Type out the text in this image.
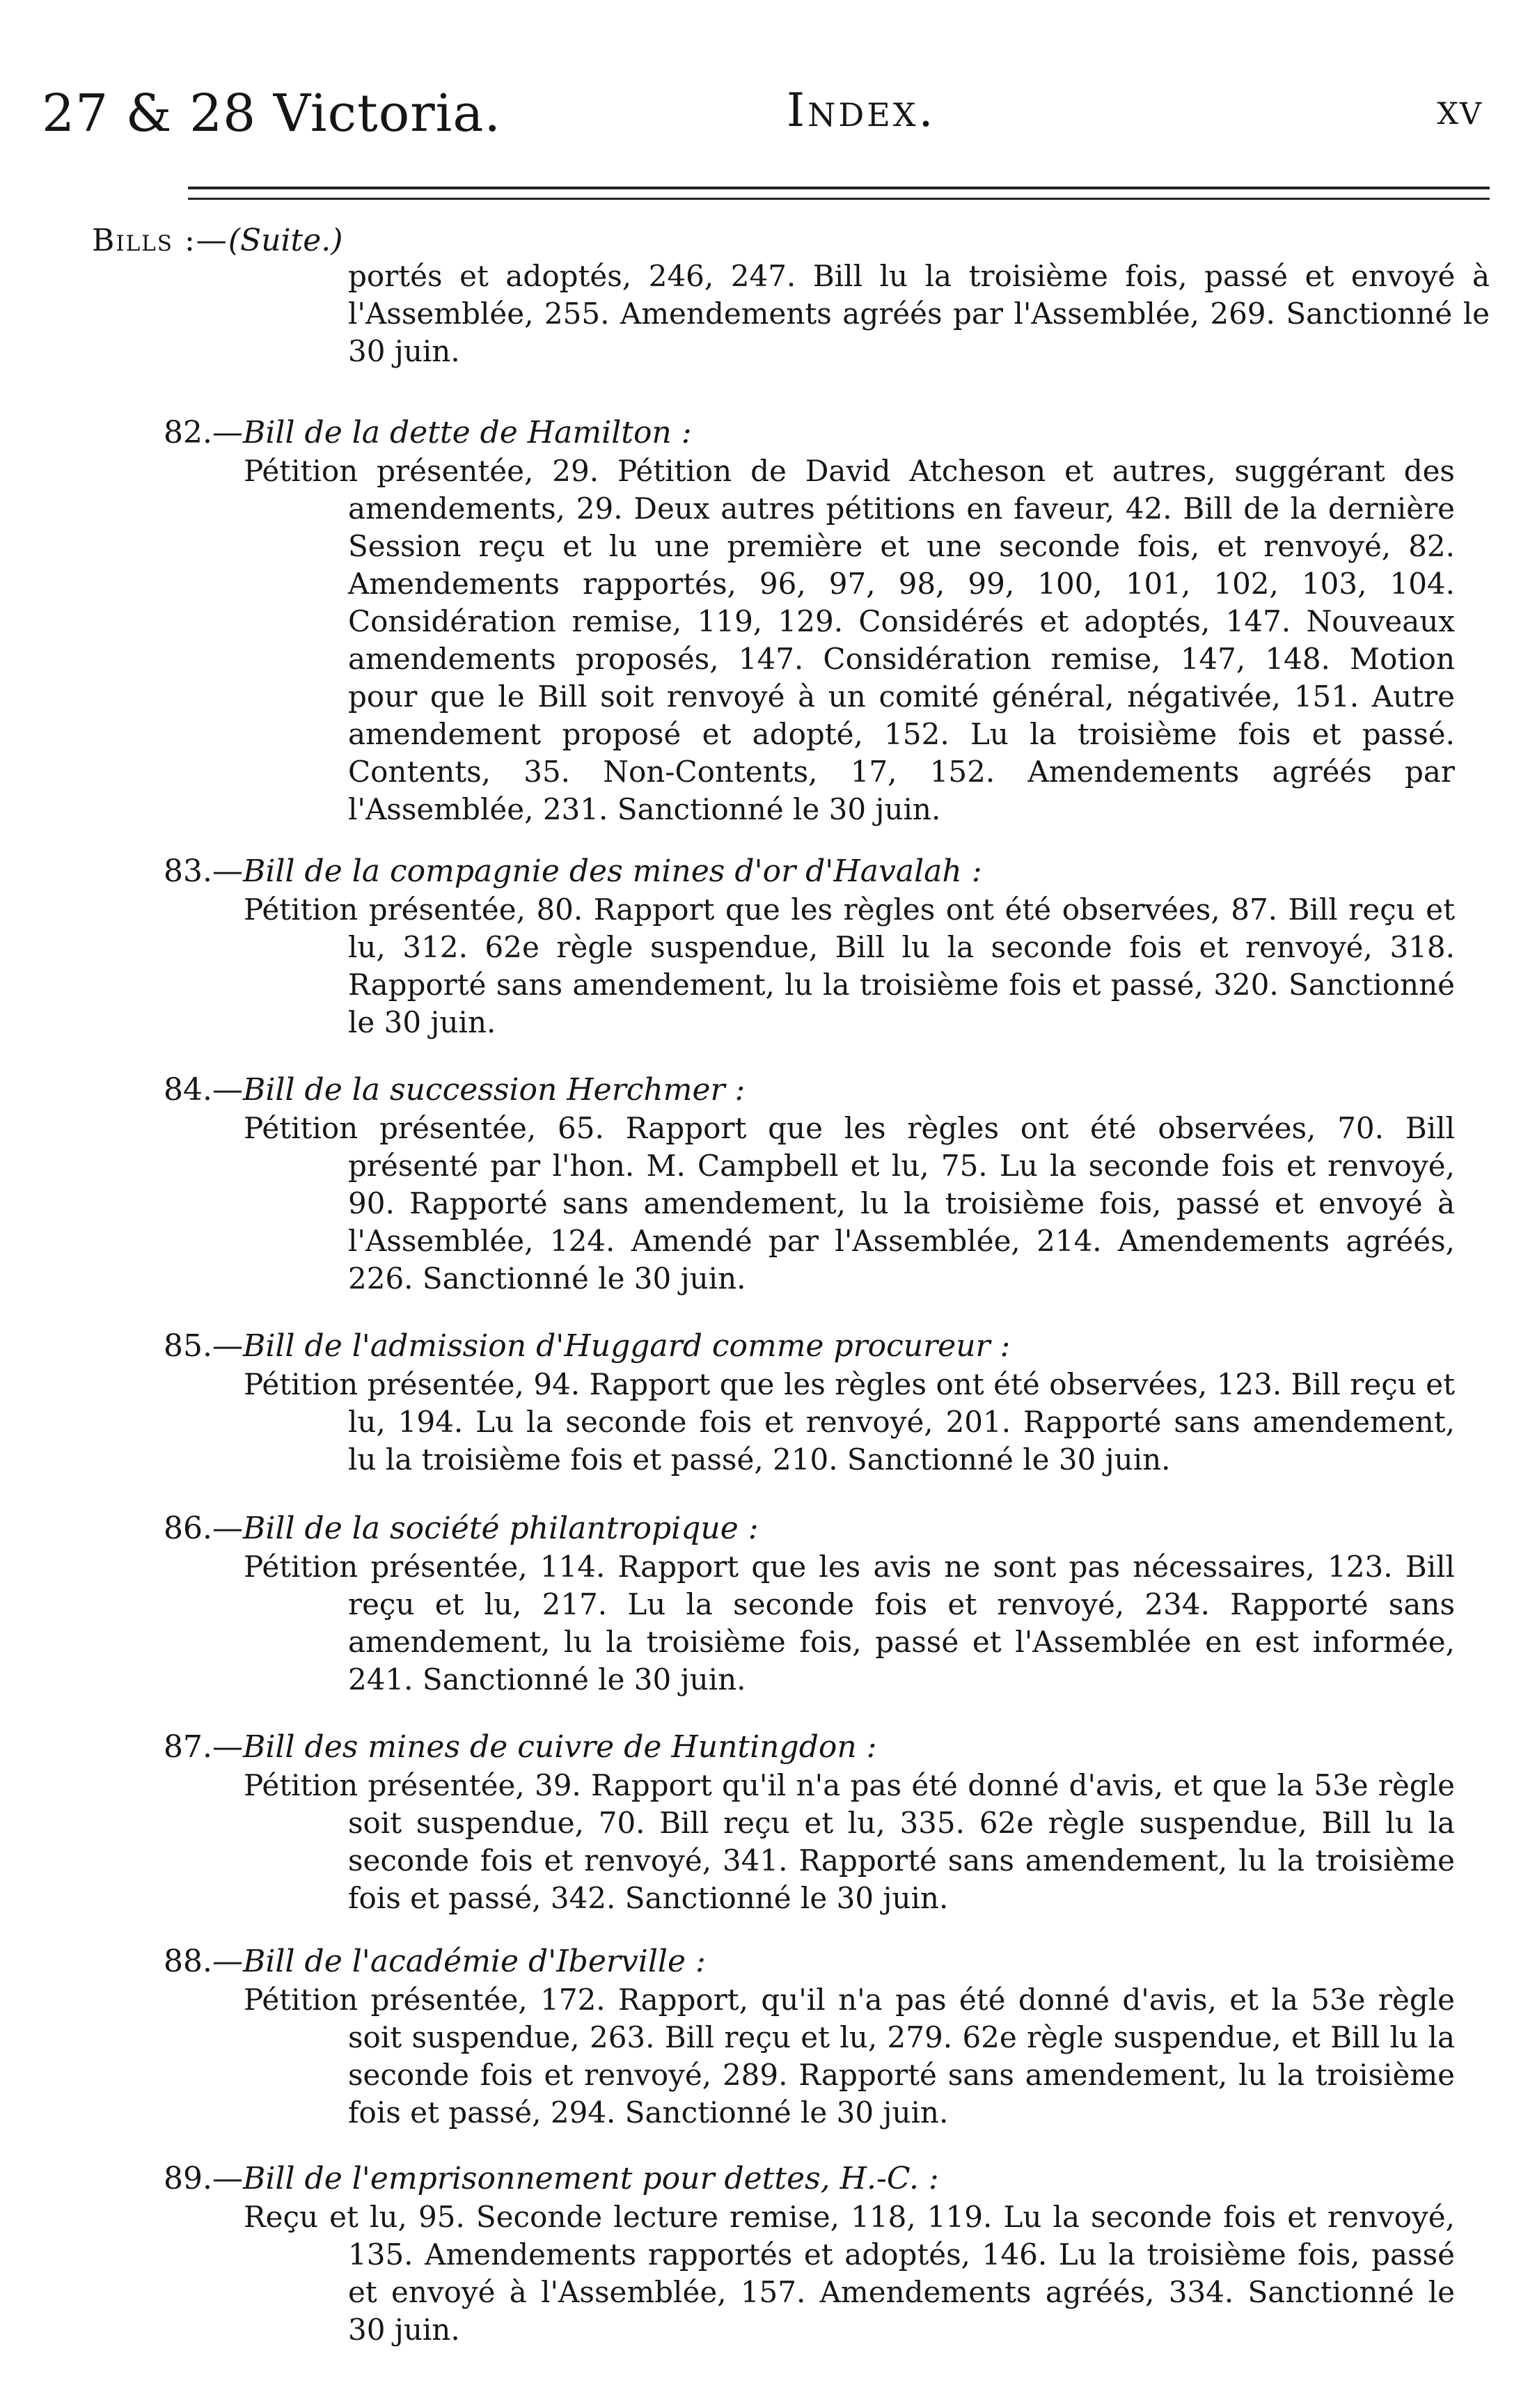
27 & 28 Victoria.	Index.	xv
Bills :—(Suite.)
portés et adoptés, 246, 247. Bill lu la troisième fois, passé et envoyé à l'Assemblée, 255. Amendements agréés par l'Assemblée, 269. Sanctionné le 30 juin.
82.—Bill de la dette de Hamilton :
Pétition présentée, 29. Pétition de David Atcheson et autres, suggérant des amendements, 29. Deux autres pétitions en faveur, 42. Bill de la dernière Session reçu et lu une première et une seconde fois, et renvoyé, 82. Amendements rapportés, 96, 97, 98, 99, 100, 101, 102, 103, 104. Considération remise, 119, 129. Considérés et adoptés, 147. Nouveaux amendements proposés, 147. Considération remise, 147, 148. Motion pour que le Bill soit renvoyé à un comité général, négativée, 151. Autre amendement proposé et adopté, 152. Lu la troisième fois et passé. Contents, 35. Non-Contents, 17, 152. Amendements agréés par l'Assemblée, 231. Sanctionné le 30 juin.
83.—Bill de la compagnie des mines d'or d'Havalah :
Pétition présentée, 80. Rapport que les règles ont été observées, 87. Bill reçu et lu, 312. 62e règle suspendue, Bill lu la seconde fois et renvoyé, 318. Rapporté sans amendement, lu la troisième fois et passé, 320. Sanctionné le 30 juin.
84.—Bill de la succession Herchmer :
Pétition présentée, 65. Rapport que les règles ont été observées, 70. Bill présenté par l'hon. M. Campbell et lu, 75. Lu la seconde fois et renvoyé, 90. Rapporté sans amendement, lu la troisième fois, passé et envoyé à l'Assemblée, 124. Amendé par l'Assemblée, 214. Amendements agréés, 226. Sanctionné le 30 juin.
85.—Bill de l'admission d'Huggard comme procureur :
Pétition présentée, 94. Rapport que les règles ont été observées, 123. Bill reçu et lu, 194. Lu la seconde fois et renvoyé, 201. Rapporté sans amendement, lu la troisième fois et passé, 210. Sanctionné le 30 juin.
86.—Bill de la société philantropique :
Pétition présentée, 114. Rapport que les avis ne sont pas nécessaires, 123. Bill reçu et lu, 217. Lu la seconde fois et renvoyé, 234. Rapporté sans amendement, lu la troisième fois, passé et l'Assemblée en est informée, 241. Sanctionné le 30 juin.
87.—Bill des mines de cuivre de Huntingdon :
Pétition présentée, 39. Rapport qu'il n'a pas été donné d'avis, et que la 53e règle soit suspendue, 70. Bill reçu et lu, 335. 62e règle suspendue, Bill lu la seconde fois et renvoyé, 341. Rapporté sans amendement, lu la troisième fois et passé, 342. Sanctionné le 30 juin.
88.—Bill de l'académie d'Iberville :
Pétition présentée, 172. Rapport, qu'il n'a pas été donné d'avis, et la 53e règle soit suspendue, 263. Bill reçu et lu, 279. 62e règle suspendue, et Bill lu la seconde fois et renvoyé, 289. Rapporté sans amendement, lu la troisième fois et passé, 294. Sanctionné le 30 juin.
89.—Bill de l'emprisonnement pour dettes, H.-C. :
Reçu et lu, 95. Seconde lecture remise, 118, 119. Lu la seconde fois et renvoyé, 135. Amendements rapportés et adoptés, 146. Lu la troisième fois, passé et envoyé à l'Assemblée, 157. Amendements agréés, 334. Sanctionné le 30 juin.
